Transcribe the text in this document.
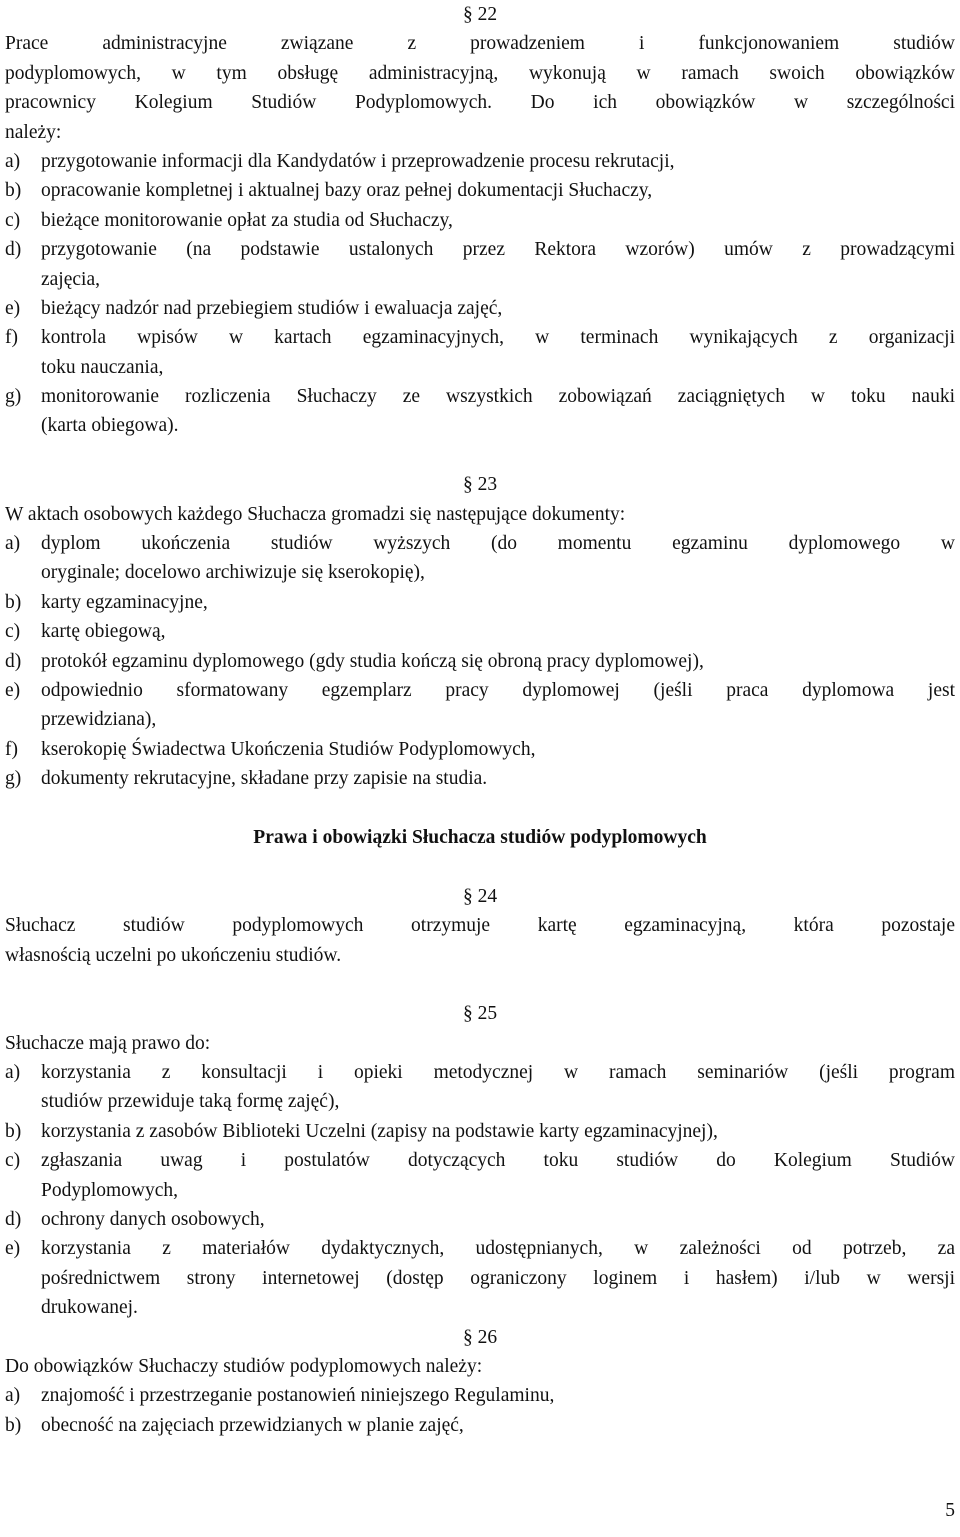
§ 22
Prace administracyjne związane z prowadzeniem i funkcjonowaniem studiów
podyplomowych, w tym obsługę administracyjną, wykonują w ramach swoich obowiązków
pracownicy Kolegium Studiów Podyplomowych. Do ich obowiązków w szczególności
należy:
a)	przygotowanie informacji dla Kandydatów i przeprowadzenie procesu rekrutacji,
b)	opracowanie kompletnej i aktualnej bazy oraz pełnej dokumentacji Słuchaczy,
c)	bieżące monitorowanie opłat za studia od Słuchaczy,
d)	przygotowanie (na podstawie ustalonych przez Rektora wzorów) umów z prowadzącymi
zajęcia,
e)	bieżący nadzór nad przebiegiem studiów i ewaluacja zajęć,
f)	kontrola wpisów w kartach egzaminacyjnych, w terminach wynikających z organizacji
toku nauczania,
g)	monitorowanie rozliczenia Słuchaczy ze wszystkich zobowiązań zaciągniętych w toku nauki
(karta obiegowa).
§ 23
W aktach osobowych każdego Słuchacza gromadzi się następujące dokumenty:
a)	dyplom ukończenia studiów wyższych (do momentu egzaminu dyplomowego w
oryginale; docelowo archiwizuje się kserokopię),
b)	karty egzaminacyjne,
c)	kartę obiegową,
d)	protokół egzaminu dyplomowego (gdy studia kończą się obroną pracy dyplomowej),
e)	odpowiednio sformatowany egzemplarz pracy dyplomowej (jeśli praca dyplomowa jest
przewidziana),
f)	kserokopię Świadectwa Ukończenia Studiów Podyplomowych,
g)	dokumenty rekrutacyjne, składane przy zapisie na studia.
Prawa i obowiązki Słuchacza studiów podyplomowych
§ 24
Słuchacz studiów podyplomowych otrzymuje kartę egzaminacyjną, która pozostaje
własnością uczelni po ukończeniu studiów.
§ 25
Słuchacze mają prawo do:
a)	korzystania z konsultacji i opieki metodycznej w ramach seminariów (jeśli program
studiów przewiduje taką formę zajęć),
b)	korzystania z zasobów Biblioteki Uczelni (zapisy na podstawie karty egzaminacyjnej),
c)	zgłaszania uwag i postulatów dotyczących toku studiów do Kolegium Studiów
Podyplomowych,
d)	ochrony danych osobowych,
e)	korzystania z materiałów dydaktycznych, udostępnianych, w zależności od potrzeb, za
pośrednictwem strony internetowej (dostęp ograniczony loginem i hasłem) i/lub w wersji
drukowanej.
§ 26
Do obowiązków Słuchaczy studiów podyplomowych należy:
a)	znajomość i przestrzeganie postanowień niniejszego Regulaminu,
b)	obecność na zajęciach przewidzianych w planie zajęć,
5
